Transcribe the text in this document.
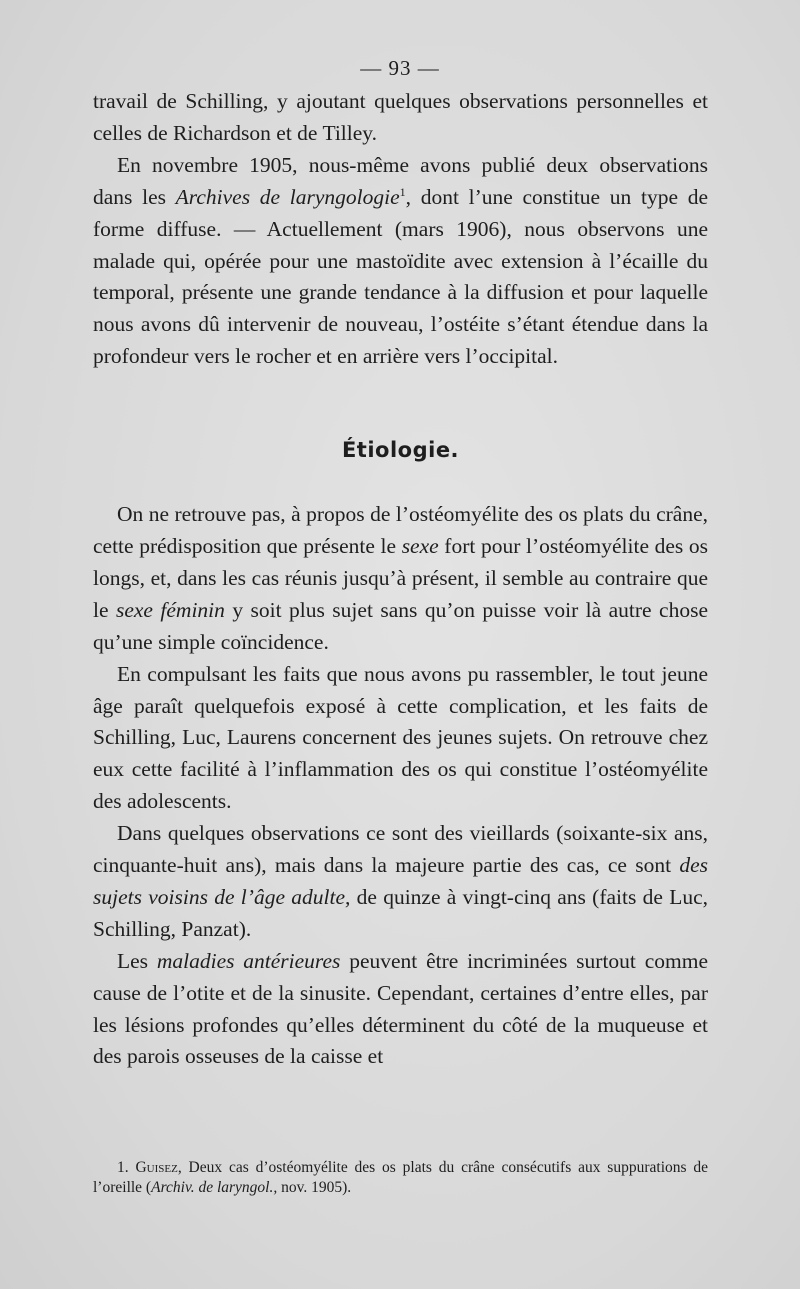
— 93 —

travail de Schilling, y ajoutant quelques observations personnelles et celles de Richardson et de Tilley.

En novembre 1905, nous-même avons publié deux observations dans les Archives de laryngologie$^1$, dont l’une constitue un type de forme diffuse. — Actuellement (mars 1906), nous observons une malade qui, opérée pour une mastoïdite avec extension à l’écaille du temporal, présente une grande tendance à la diffusion et pour laquelle nous avons dû intervenir de nouveau, l’ostéite s’étant étendue dans la profondeur vers le rocher et en arrière vers l’occipital.

Étiologie.

On ne retrouve pas, à propos de l’ostéomyélite des os plats du crâne, cette prédisposition que présente le sexe fort pour l’ostéomyélite des os longs, et, dans les cas réunis jusqu’à présent, il semble au contraire que le sexe féminin y soit plus sujet sans qu’on puisse voir là autre chose qu’une simple coïncidence.

En compulsant les faits que nous avons pu rassembler, le tout jeune âge paraît quelquefois exposé à cette complication, et les faits de Schilling, Luc, Laurens concernent des jeunes sujets. On retrouve chez eux cette facilité à l’inflammation des os qui constitue l’ostéomyélite des adolescents.

Dans quelques observations ce sont des vieillards (soixante-six ans, cinquante-huit ans), mais dans la majeure partie des cas, ce sont des sujets voisins de l’âge adulte, de quinze à vingt-cinq ans (faits de Luc, Schilling, Panzat).

Les maladies antérieures peuvent être incriminées surtout comme cause de l’otite et de la sinusite. Cependant, certaines d’entre elles, par les lésions profondes qu’elles déterminent du côté de la muqueuse et des parois osseuses de la caisse et

1. Guisez, Deux cas d’ostéomyélite des os plats du crâne consécutifs aux suppurations de l’oreille (Archiv. de laryngol., nov. 1905).
